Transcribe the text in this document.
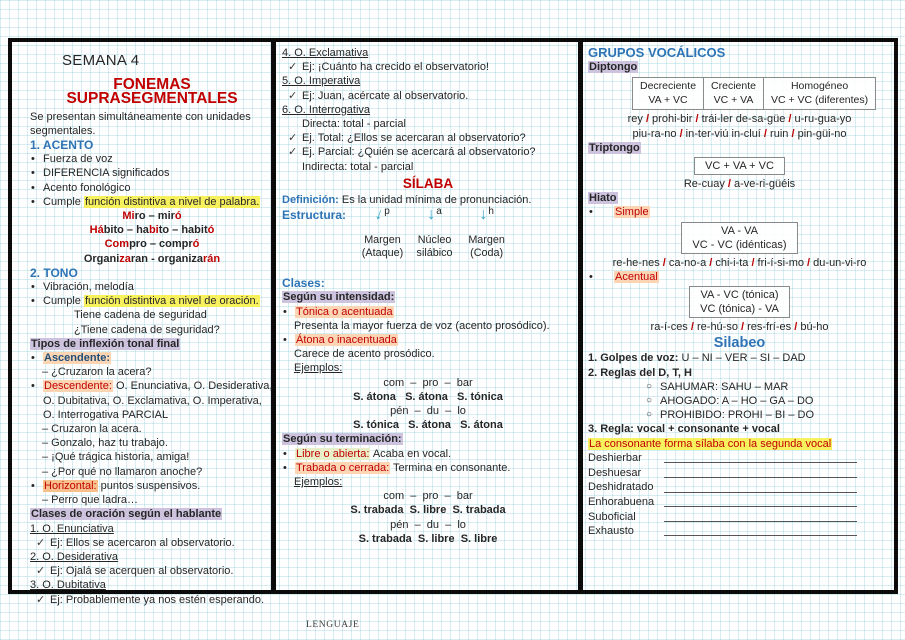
SEMANA 4
FONEMAS SUPRASEGMENTALES
Se presentan simultáneamente con unidades segmentales.
1. ACENTO
• Fuerza de voz
• DIFERENCIA significados
• Acento fonológico
• Cumple función distintiva a nivel de palabra.
Miro – miró
Hábito – habito – habitó
Compro – compró
Organizaran - organizarán
2. TONO
• Vibración, melodía
• Cumple función distintiva a nivel de oración.
Tiene cadena de seguridad
¿Tiene cadena de seguridad?
Tipos de inflexión tonal final
• Ascendente:
– ¿Cruzaron la acera?
• Descendente: O. Enunciativa, O. Desiderativa, O. Dubitativa, O. Exclamativa, O. Imperativa, O. Interrogativa PARCIAL
– Cruzaron la acera.
– Gonzalo, haz tu trabajo.
– ¡Qué trágica historia, amiga!
– ¿Por qué no llamaron anoche?
• Horizontal: puntos suspensivos.
– Perro que ladra…
Clases de oración según el hablante
1. O. Enunciativa
✓ Ej: Ellos se acercaron al observatorio.
2. O. Desiderativa
✓ Ej: Ojalá se acerquen al observatorio.
3. O. Dubitativa
✓ Ej: Probablemente ya nos estén esperando.
4. O. Exclamativa
✓ Ej: ¡Cuánto ha crecido el observatorio!
5. O. Imperativa
✓ Ej: Juan, acércate al observatorio.
6. O. Interrogativa
Directa: total - parcial
✓ Ej. Total: ¿Ellos se acercaran al observatorio?
✓ Ej. Parcial: ¿Quién se acercará al observatorio?
Indirecta: total - parcial
SÍLABA
Definición: Es la unidad mínima de pronunciación.
Estructura:	↓p
Margen
(Ataque)

↓a
Núcleo
silábico

↓h
Margen
(Coda)
Clases:
Según su intensidad:
• Tónica o acentuada
Presenta la mayor fuerza de voz (acento prosódico).
• Átona o inacentuada
Carece de acento prosódico.
Ejemplos:
com  –  pro  –  bar
S. átona   S. átona   S. tónica
pén  –  du  –  lo
S. tónica   S. átona   S. átona
Según su terminación:
• Libre o abierta: Acaba en vocal.
• Trabada o cerrada: Termina en consonante.
Ejemplos:
com  –  pro  –  bar
S. trabada  S. libre  S. trabada
pén  –  du  –  lo
S. trabada  S. libre  S. libre
GRUPOS VOCÁLICOS
Diptongo
Decreciente
VA + VC
Creciente
VC + VA
Homogéneo
VC + VC (diferentes)
rey / prohi-bir / trái-ler de-sa-güe / u-ru-gua-yo
piu-ra-no / in-ter-viú in-cluí / ruin / pin-güi-no
Triptongo
VC + VA + VC
Re-cuay / a-ve-ri-güéis
Hiato
• Simple
VA - VA
VC - VC (idénticas)
re-he-nes / ca-no-a / chi-i-ta / fri-í-si-mo / du-un-vi-ro
• Acentual
VA - VC (tónica)
VC (tónica) - VA
ra-í-ces / re-hú-so / res-frí-es / bú-ho
Silabeo
1. Golpes de voz: U – NI – VER – SI – DAD
2. Reglas del D, T, H
○ SAHUMAR: SAHU – MAR
○ AHOGADO: A – HO – GA – DO
○ PROHIBIDO: PROHI – BI – DO
3. Regla: vocal + consonante + vocal
La consonante forma sílaba con la segunda vocal
Deshierbar
Deshuesar
Deshidratado
Enhorabuena
Suboficial
Exhausto
LENGUAJE
